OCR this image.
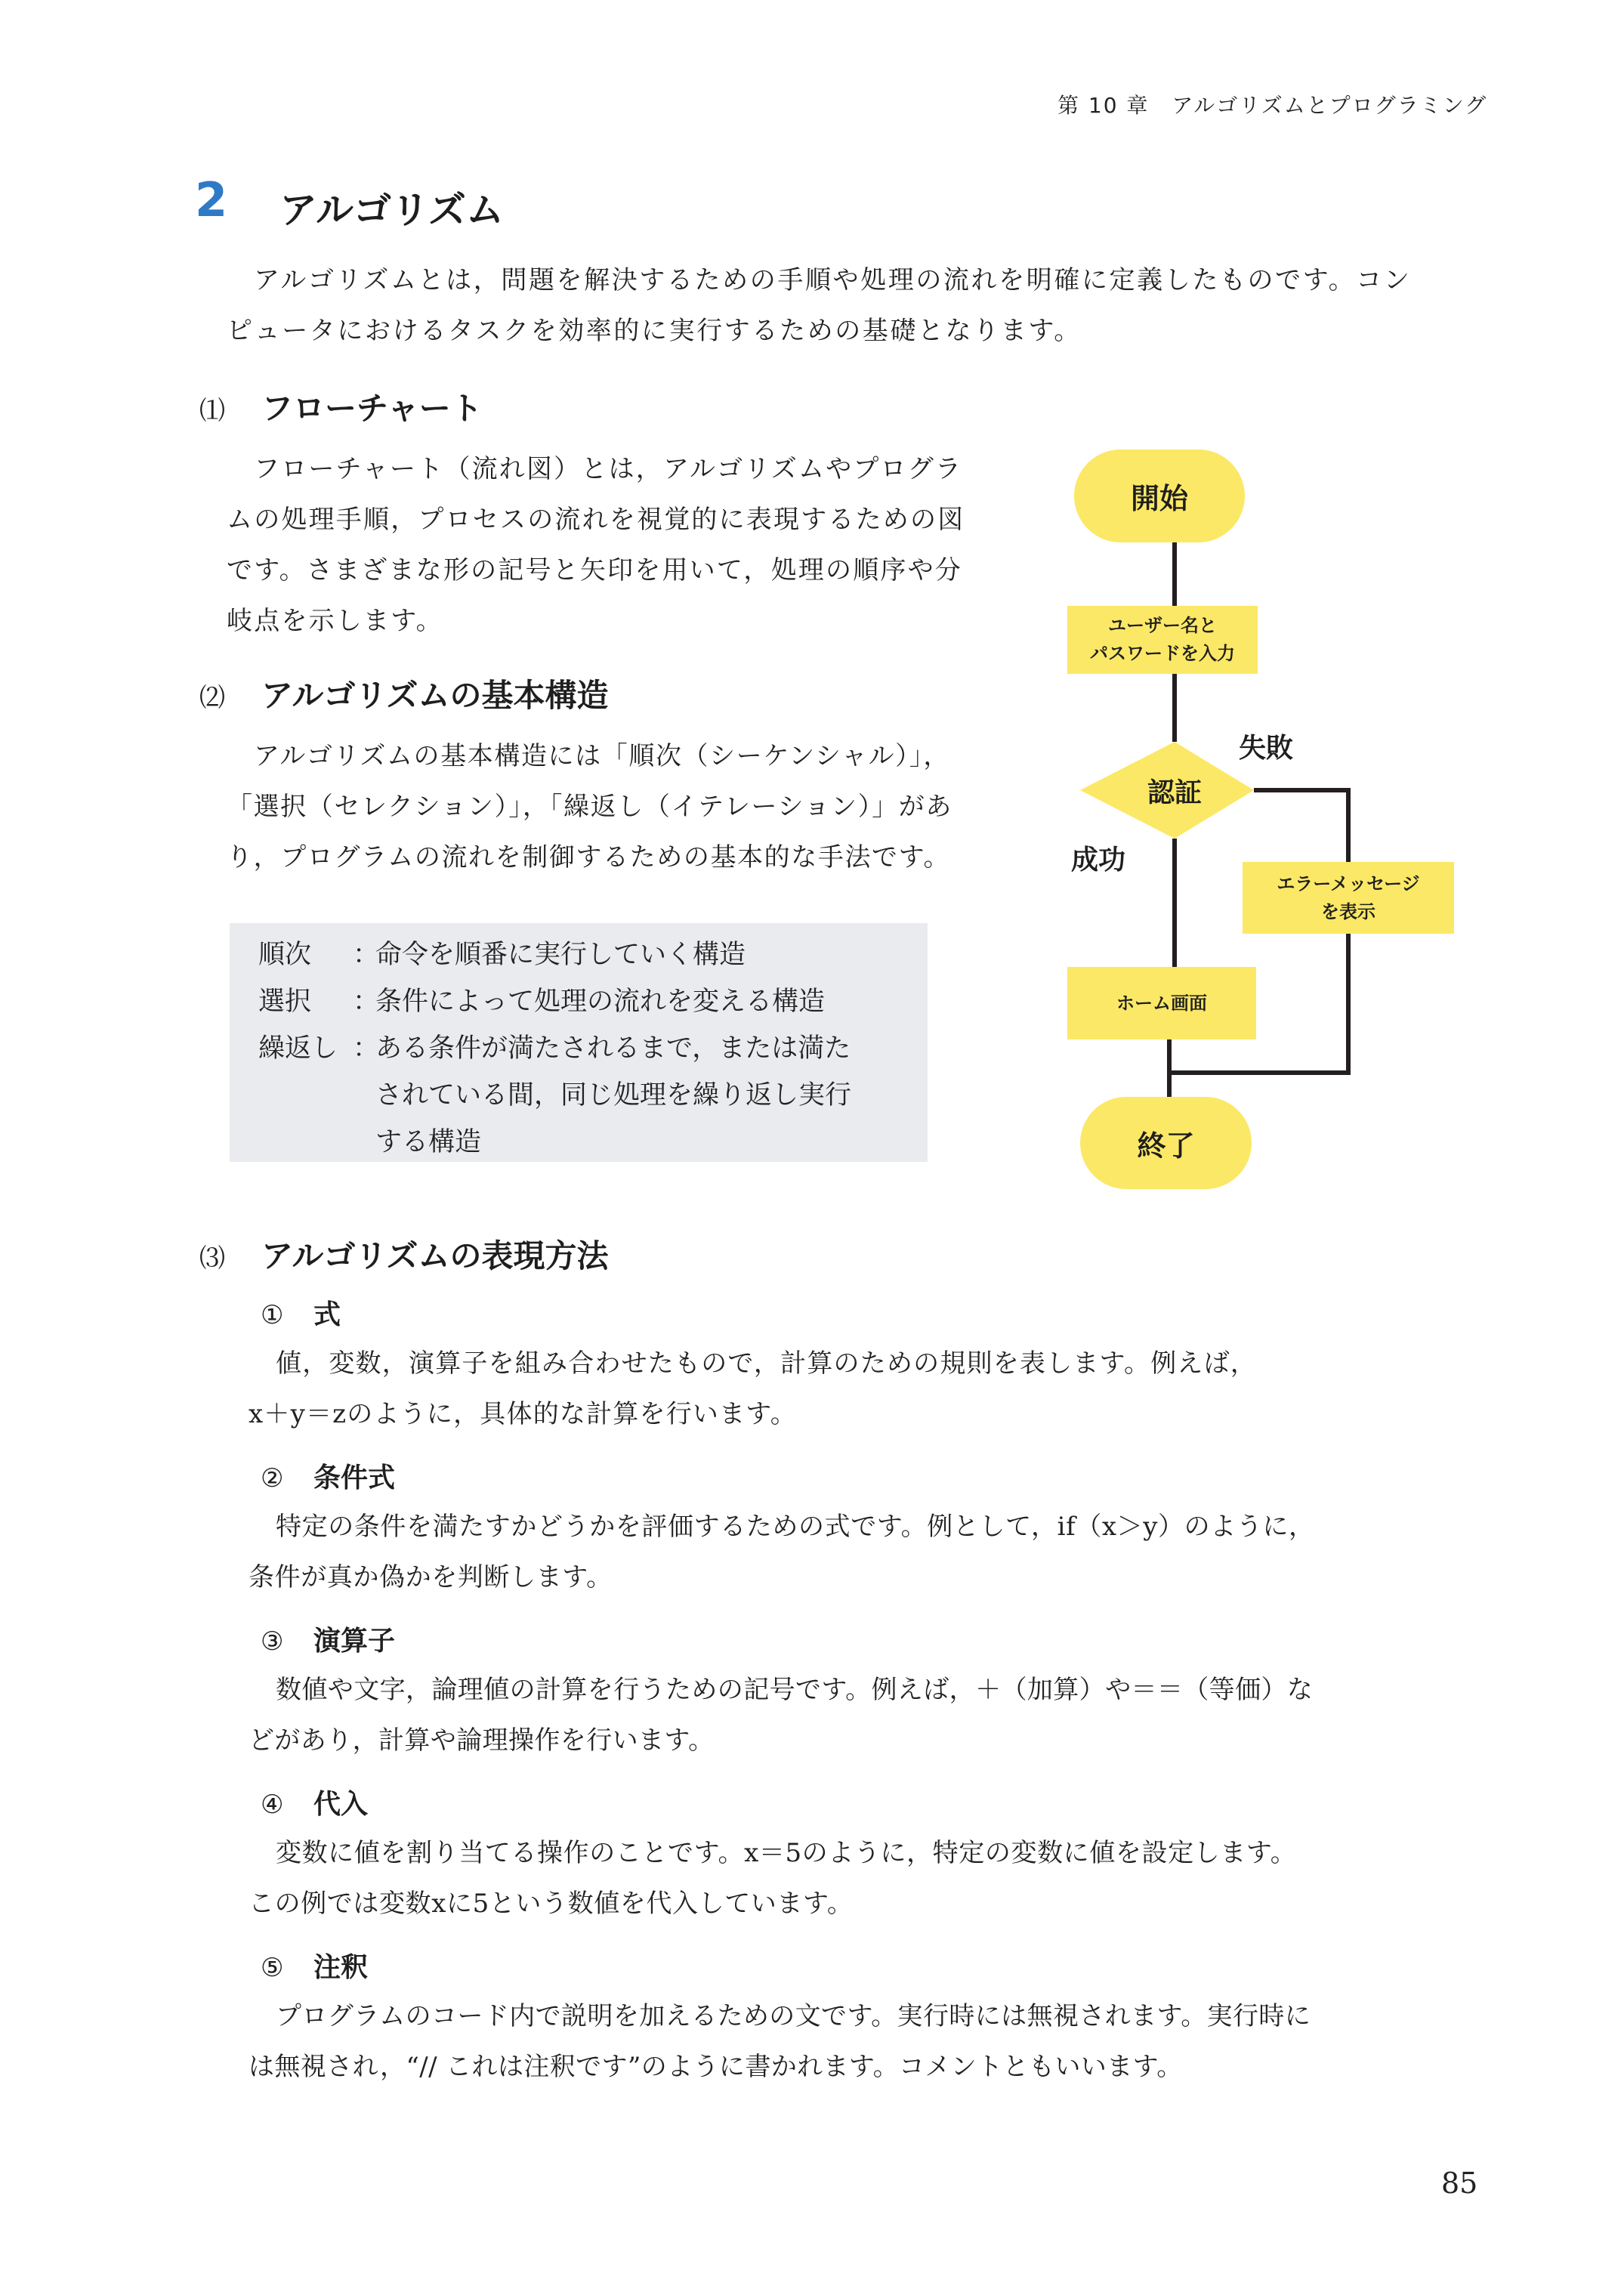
第 10 章　アルゴリズムとプログラミング
2 アルゴリズム
アルゴリズムとは，問題を解決するための手順や処理の流れを明確に定義したものです。コン
ピュータにおけるタスクを効率的に実行するための基礎となります。
⑴ フローチャート
フローチャート（流れ図）とは，アルゴリズムやプログラ
ムの処理手順，プロセスの流れを視覚的に表現するための図
です。さまざまな形の記号と矢印を用いて，処理の順序や分
岐点を示します。
⑵ アルゴリズムの基本構造
アルゴリズムの基本構造には「順次（シーケンシャル）」，
「選択（セレクション）」，「繰返し（イテレーション）」があ
り，プログラムの流れを制御するための基本的な手法です。
順次 ：命令を順番に実行していく構造
選択 ：条件によって処理の流れを変える構造
繰返し ：ある条件が満たされるまで，または満た
されている間，同じ処理を繰り返し実行
する構造
開始
ユーザー名と
パスワードを入力
認証
失敗
成功
エラーメッセージ
を表示
ホーム画面
終了
⑶ アルゴリズムの表現方法
① 式
値，変数，演算子を組み合わせたもので，計算のための規則を表します。例えば，
x＋y＝zのように，具体的な計算を行います。
② 条件式
特定の条件を満たすかどうかを評価するための式です。例として，if（x＞y）のように，
条件が真か偽かを判断します。
③ 演算子
数値や文字，論理値の計算を行うための記号です。例えば，＋（加算）や＝＝（等価）な
どがあり，計算や論理操作を行います。
④ 代入
変数に値を割り当てる操作のことです。x＝5のように，特定の変数に値を設定します。
この例では変数xに5という数値を代入しています。
⑤ 注釈
プログラムのコード内で説明を加えるための文です。実行時には無視されます。実行時に
は無視され，“// これは注釈です”のように書かれます。コメントともいいます。
85
